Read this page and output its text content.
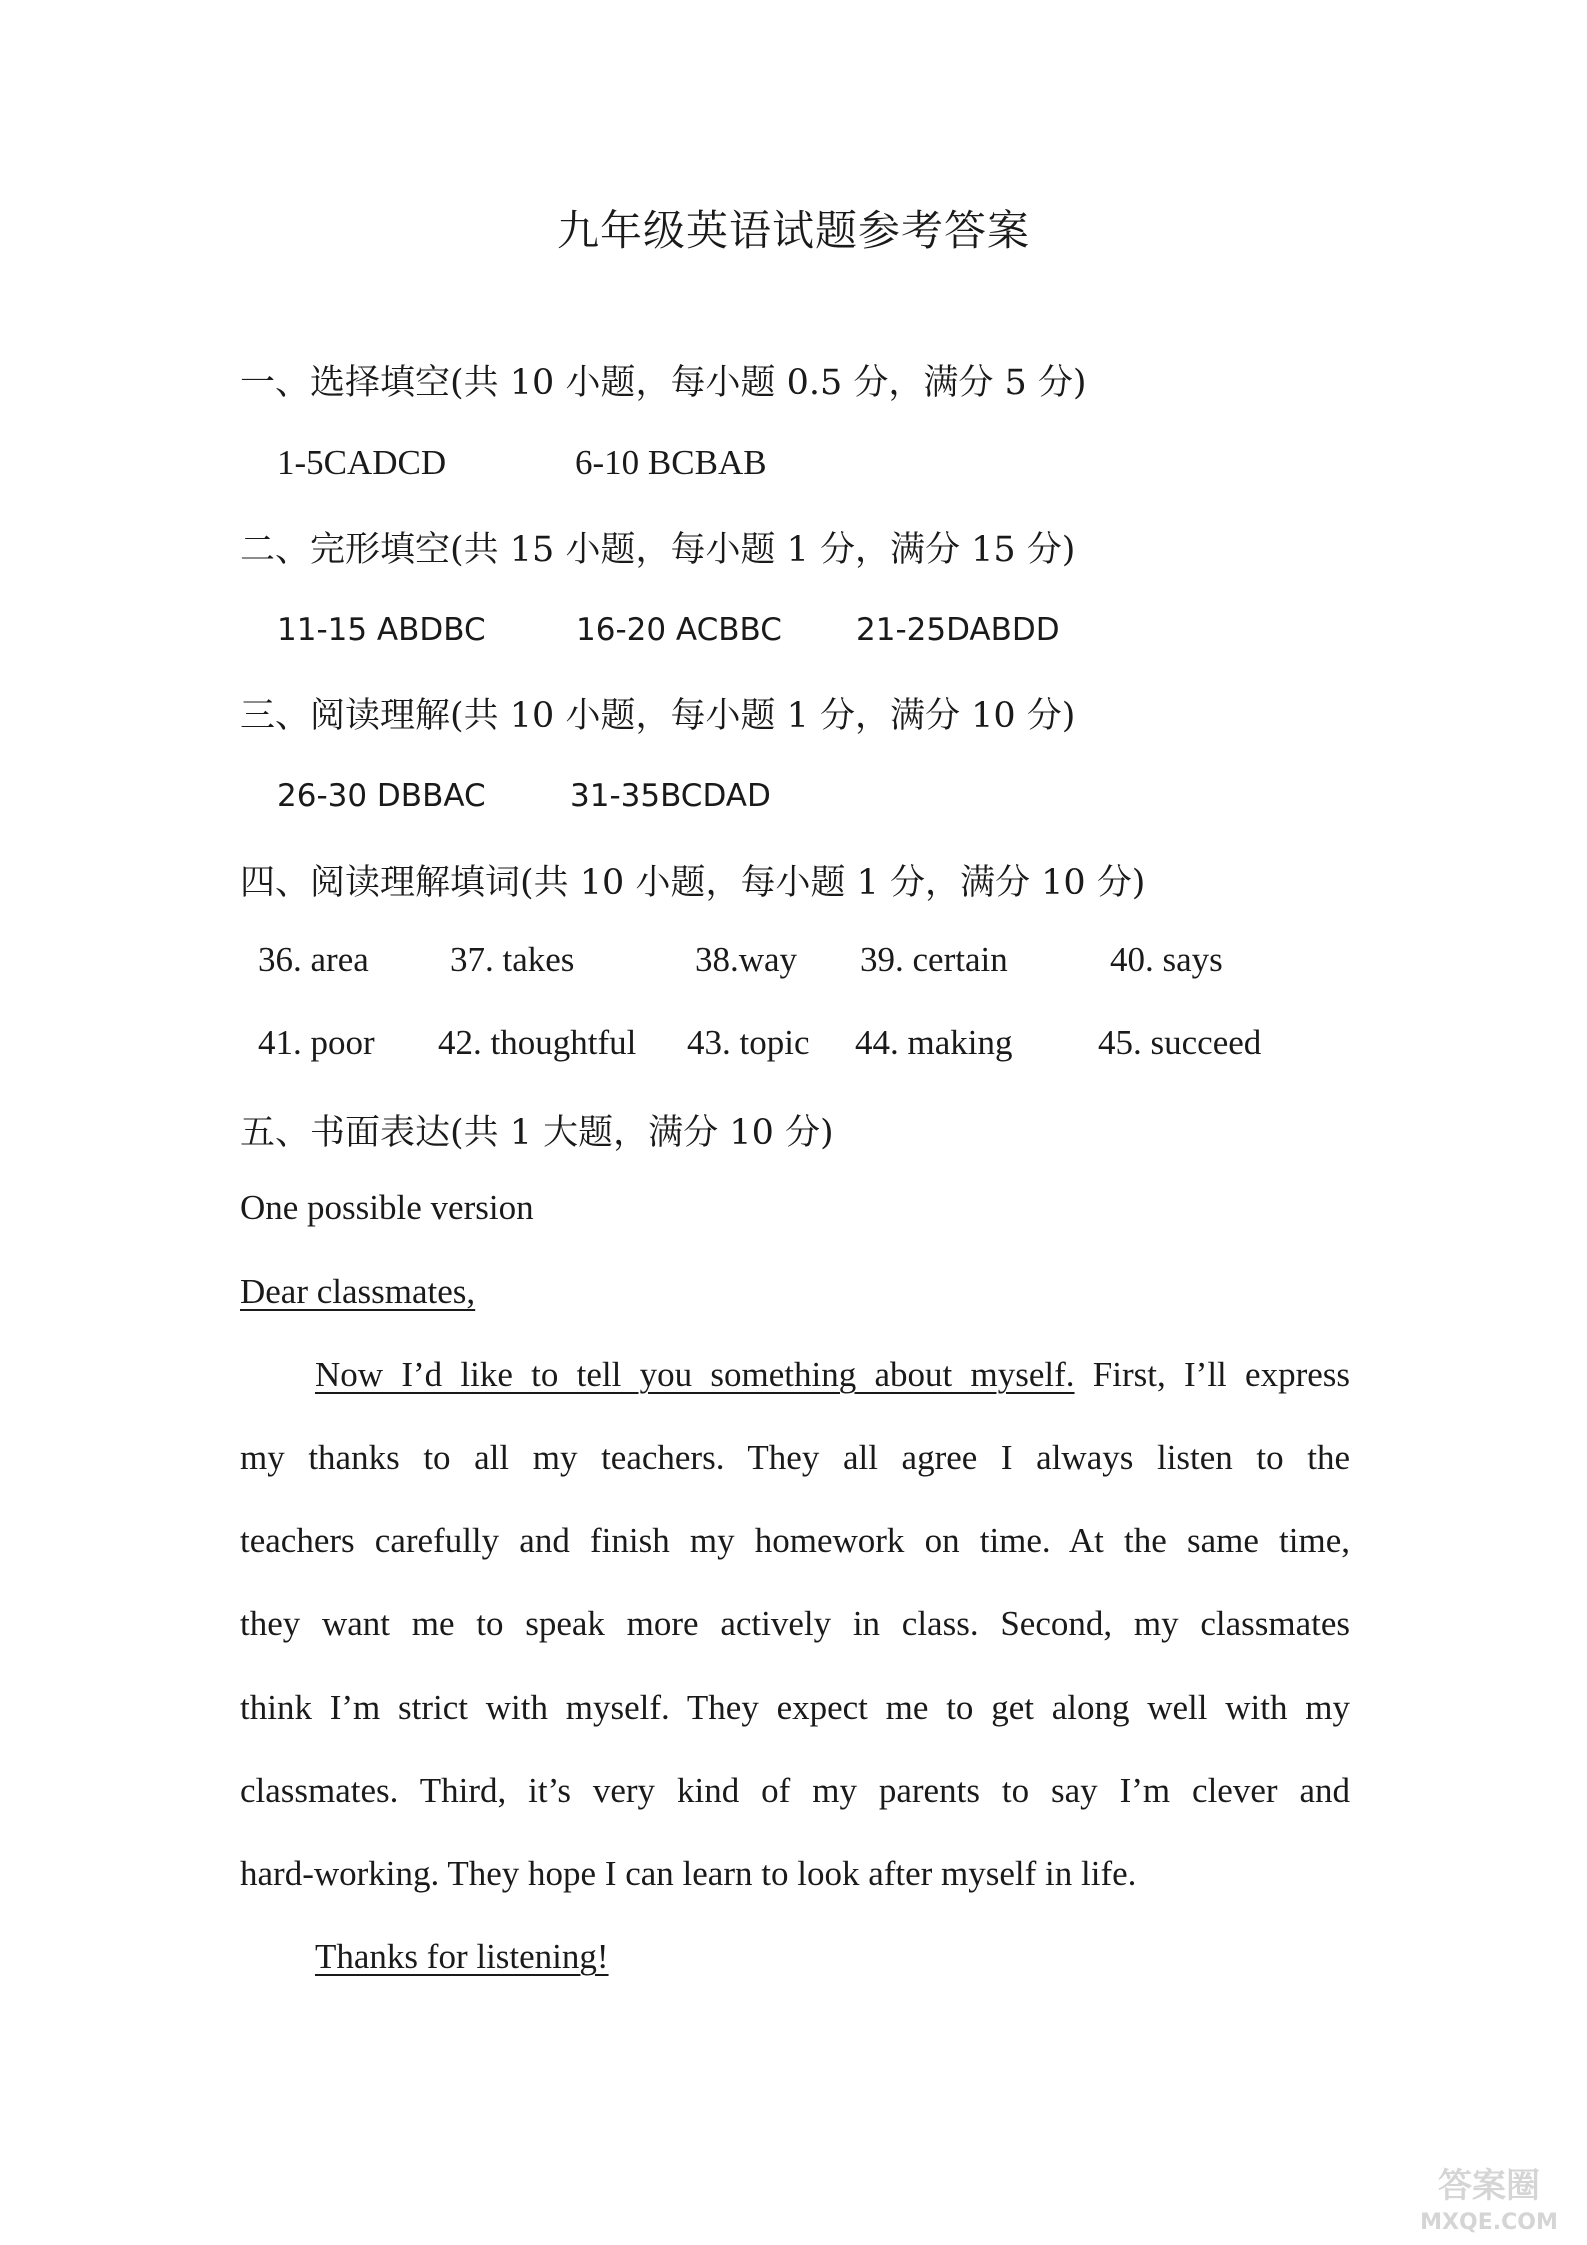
九年级英语试题参考答案
一、选择填空(共 10 小题，每小题 0.5 分，满分 5 分)
1-5CADCD	6-10 BCBAB
二、完形填空(共 15 小题，每小题 1 分，满分 15 分)
11-15 ABDBC	16-20 ACBBC 21-25DABDD
三、阅读理解(共 10 小题，每小题 1 分，满分 10 分)
26-30 DBBAC	31-35BCDAD
四、阅读理解填词(共 10 小题，每小题 1 分，满分 10 分)
36. area 37. takes	38.way 39. certain	40. says
41. poor 42. thoughtful 43. topic 44. making 45. succeed
五、书面表达(共 1 大题，满分 10 分)
One possible version
Dear classmates,
Now I’d like to tell you something about myself. First, I’ll express
my thanks to all my teachers. They all agree I always listen to the
teachers carefully and finish my homework on time. At the same time,
they want me to speak more actively in class. Second, my classmates
think I’m strict with myself. They expect me to get along well with my
classmates. Third, it’s very kind of my parents to say I’m clever and
hard-working. They hope I can learn to look after myself in life.
Thanks for listening!
答案圈
MXQE.COM
